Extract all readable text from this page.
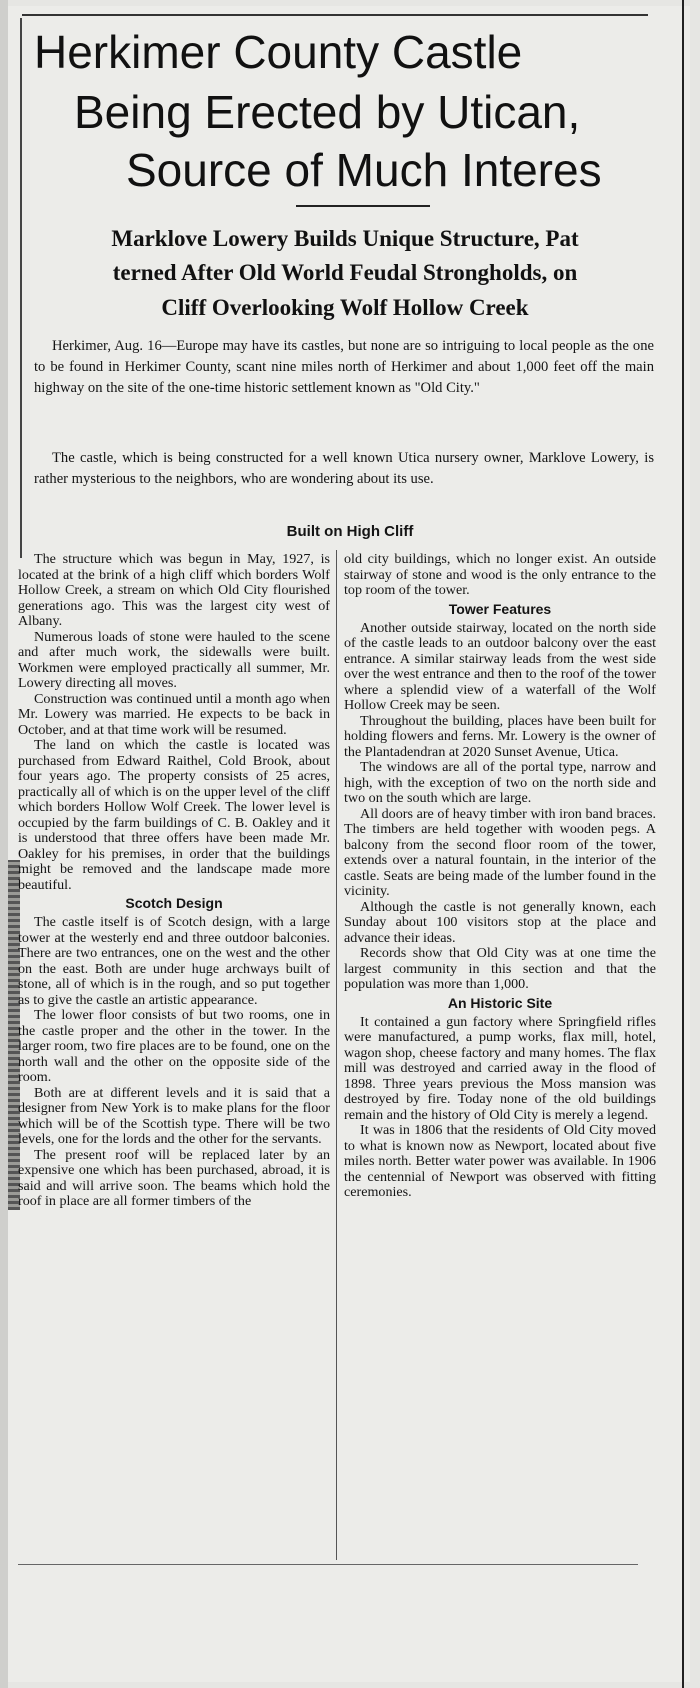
Herkimer County Castle
Being Erected by Utican,
Source of Much Interes
Marklove Lowery Builds Unique Structure, Pat
terned After Old World Feudal Strongholds, on
Cliff Overlooking Wolf Hollow Creek

Herkimer, Aug. 16—Europe may have its castles, but none are so intriguing to local people as the one to be found in Herkimer County, scant nine miles north of Herkimer and about 1,000 feet off the main highway on the site of the one-time historic settlement known as "Old City."

The castle, which is being constructed for a well known Utica nursery owner, Marklove Lowery, is rather mysterious to the neighbors, who are wondering about its use.

Built on High Cliff

The structure which was begun in May, 1927, is located at the brink of a high cliff which borders Wolf Hollow Creek, a stream on which Old City flourished generations ago. This was the largest city west of Albany.

Numerous loads of stone were hauled to the scene and after much work, the sidewalls were built. Workmen were employed practically all summer, Mr. Lowery directing all moves.

Construction was continued until a month ago when Mr. Lowery was married. He expects to be back in October, and at that time work will be resumed.

The land on which the castle is located was purchased from Edward Raithel, Cold Brook, about four years ago. The property consists of 25 acres, practically all of which is on the upper level of the cliff which borders Hollow Wolf Creek. The lower level is occupied by the farm buildings of C. B. Oakley and it is understood that three offers have been made Mr. Oakley for his premises, in order that the buildings might be removed and the landscape made more beautiful.

Scotch Design

The castle itself is of Scotch design, with a large tower at the westerly end and three outdoor balconies. There are two entrances, one on the west and the other on the east. Both are under huge archways built of stone, all of which is in the rough, and so put together as to give the castle an artistic appearance.

The lower floor consists of but two rooms, one in the castle proper and the other in the tower. In the larger room, two fire places are to be found, one on the north wall and the other on the opposite side of the room.

Both are at different levels and it is said that a designer from New York is to make plans for the floor which will be of the Scottish type. There will be two levels, one for the lords and the other for the servants.

The present roof will be replaced later by an expensive one which has been purchased, abroad, it is said and will arrive soon. The beams which hold the roof in place are all former timbers of the

old city buildings, which no longer exist. An outside stairway of stone and wood is the only entrance to the top room of the tower.

Tower Features

Another outside stairway, located on the north side of the castle leads to an outdoor balcony over the east entrance. A similar stairway leads from the west side over the west entrance and then to the roof of the tower where a splendid view of a waterfall of the Wolf Hollow Creek may be seen.

Throughout the building, places have been built for holding flowers and ferns. Mr. Lowery is the owner of the Plantadendran at 2020 Sunset Avenue, Utica.

The windows are all of the portal type, narrow and high, with the exception of two on the north side and two on the south which are large.

All doors are of heavy timber with iron band braces. The timbers are held together with wooden pegs. A balcony from the second floor room of the tower, extends over a natural fountain, in the interior of the castle. Seats are being made of the lumber found in the vicinity.

Although the castle is not generally known, each Sunday about 100 visitors stop at the place and advance their ideas.

Records show that Old City was at one time the largest community in this section and that the population was more than 1,000.

An Historic Site

It contained a gun factory where Springfield rifles were manufactured, a pump works, flax mill, hotel, wagon shop, cheese factory and many homes. The flax mill was destroyed and carried away in the flood of 1898. Three years previous the Moss mansion was destroyed by fire. Today none of the old buildings remain and the history of Old City is merely a legend.

It was in 1806 that the residents of Old City moved to what is known now as Newport, located about five miles north. Better water power was available. In 1906 the centennial of Newport was observed with fitting ceremonies.
